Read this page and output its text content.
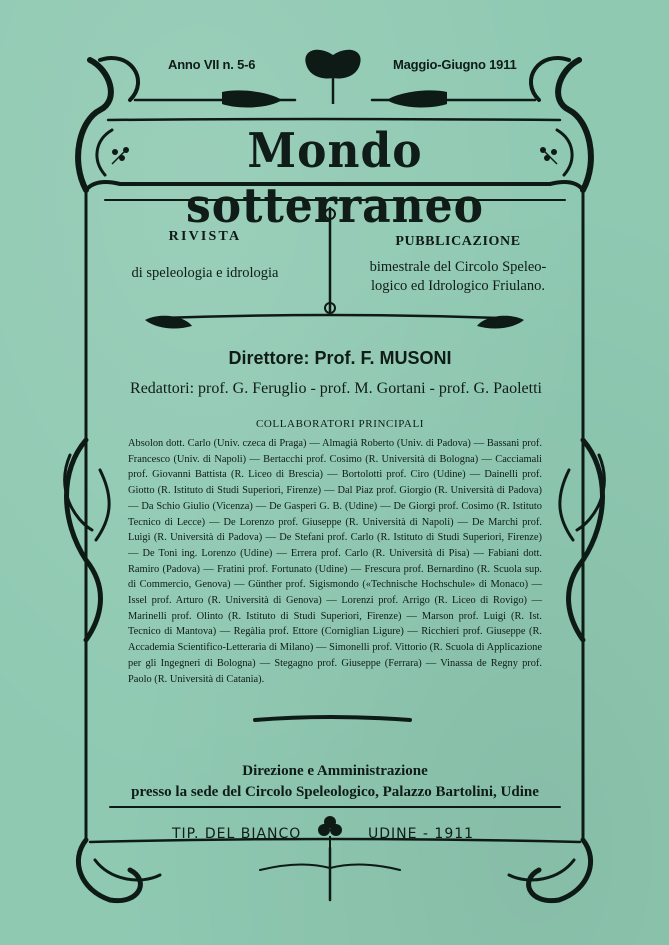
Anno VII n. 5-6	Maggio-Giugno 1911
Mondo sotterraneo
RIVISTA
di speleologia e idrologia
PUBBLICAZIONE
bimestrale del Circolo Speleo-
logico ed Idrologico Friulano.
Direttore: Prof. F. MUSONI
Redattori: prof. G. Feruglio - prof. M. Gortani - prof. G. Paoletti
COLLABORATORI PRINCIPALI
Absolon dott. Carlo (Univ. czeca di Praga) — Almagià Roberto (Univ. di Padova) — Bassani prof. Francesco (Univ. di Napoli) — Bertacchi prof. Cosimo (R. Università di Bologna) — Cacciamali prof. Giovanni Battista (R. Liceo di Brescia) — Bortolotti prof. Ciro (Udine) — Dainelli prof. Giotto (R. Istituto di Studi Superiori, Firenze) — Dal Piaz prof. Giorgio (R. Università di Padova) — Da Schio Giulio (Vicenza) — De Gasperi G. B. (Udine) — De Giorgi prof. Cosimo (R. Istituto Tecnico di Lecce) — De Lorenzo prof. Giuseppe (R. Università di Napoli) — De Marchi prof. Luigi (R. Università di Padova) — De Stefani prof. Carlo (R. Istituto di Studi Superiori, Firenze) — De Toni ing. Lorenzo (Udine) — Errera prof. Carlo (R. Università di Pisa) — Fabiani dott. Ramiro (Padova) — Fratini prof. Fortunato (Udine) — Frescura prof. Bernardino (R. Scuola sup. di Commercio, Genova) — Günther prof. Sigismondo («Technische Hochschule» di Monaco) — Issel prof. Arturo (R. Università di Genova) — Lorenzi prof. Arrigo (R. Liceo di Rovigo) — Marinelli prof. Olinto (R. Istituto di Studi Superiori, Firenze) — Marson prof. Luigi (R. Ist. Tecnico di Mantova) — Regàlia prof. Ettore (Corniglian Ligure) — Ricchieri prof. Giuseppe (R. Accademia Scientifico-Letteraria di Milano) — Simonelli prof. Vittorio (R. Scuola di Applicazione per gli Ingegneri di Bologna) — Stegagno prof. Giuseppe (Ferrara) — Vinassa de Regny prof. Paolo (R. Università di Catania).
Direzione e Amministrazione
presso la sede del Circolo Speleologico, Palazzo Bartolini, Udine
TIP. DEL BIANCO	UDINE - 1911
